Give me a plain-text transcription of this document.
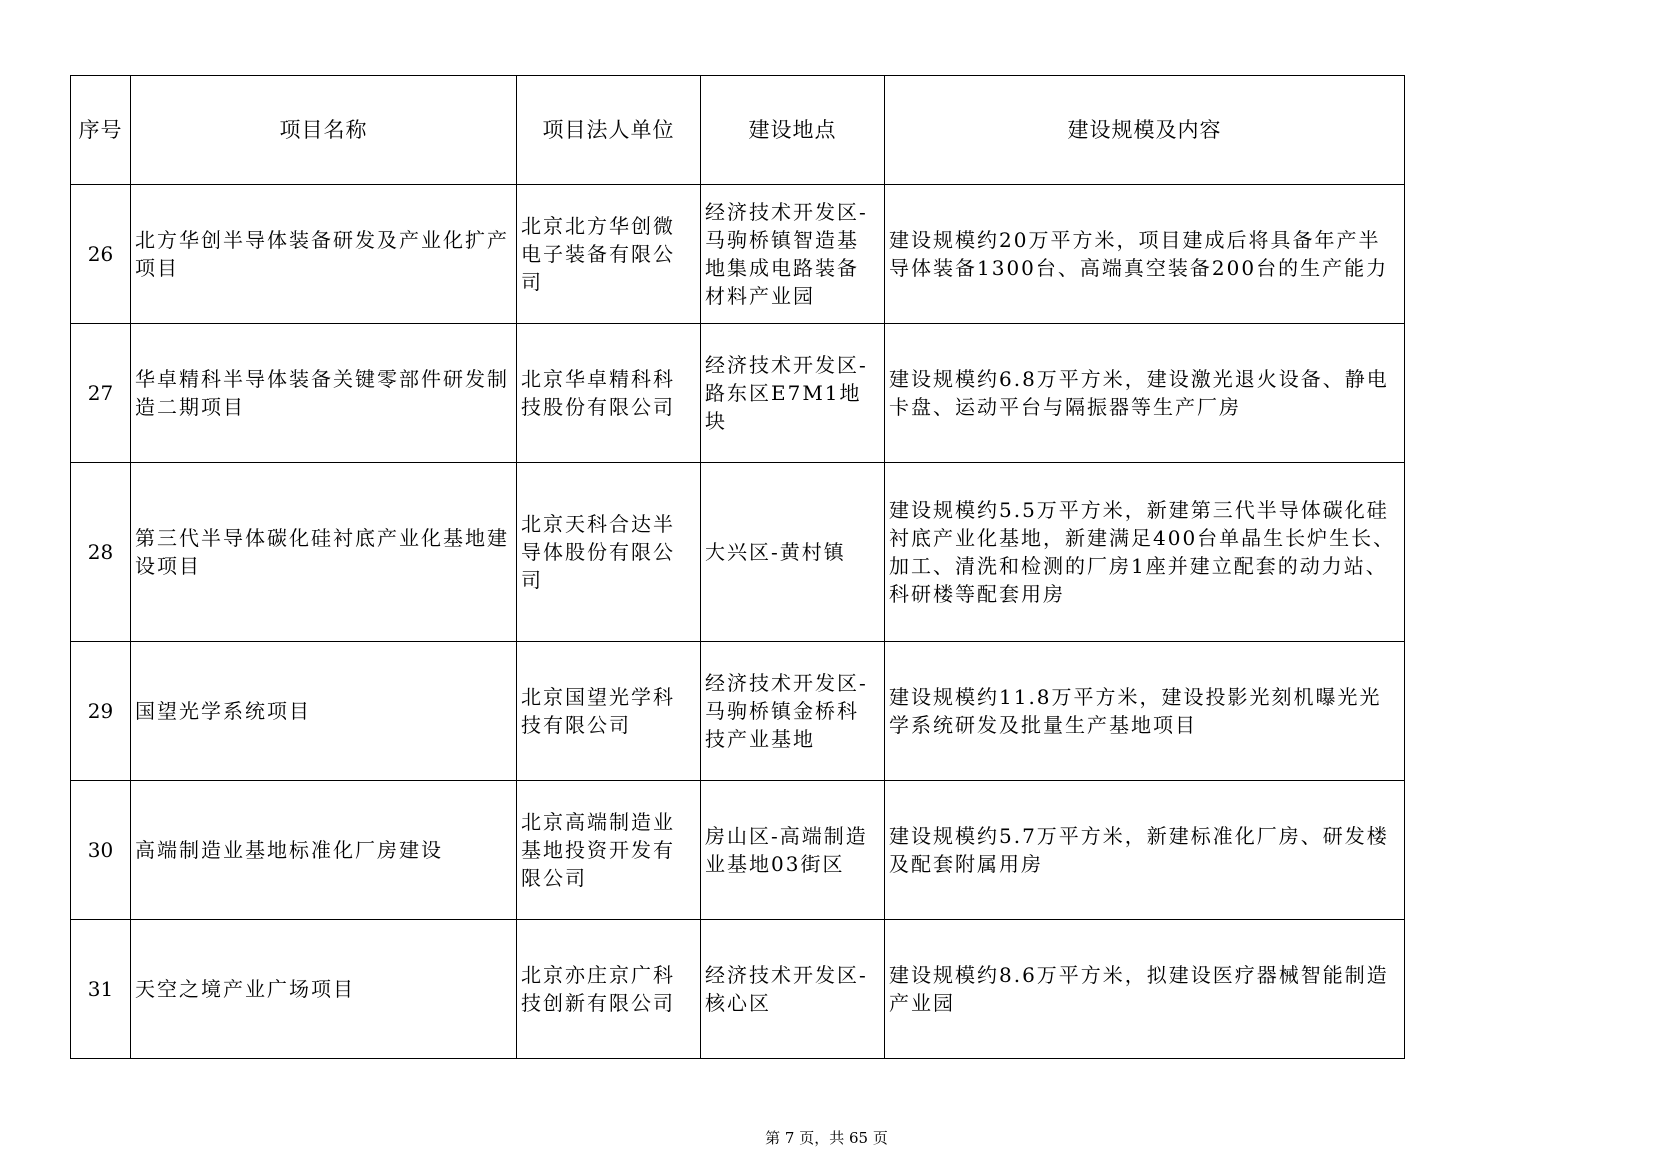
序号	项目名称	项目法人单位	建设地点	建设规模及内容
26	北方华创半导体装备研发及产业化扩产项目	北京北方华创微电子装备有限公司	经济技术开发区-马驹桥镇智造基地集成电路装备材料产业园	建设规模约20万平方米，项目建成后将具备年产半导体装备1300台、高端真空装备200台的生产能力
27	华卓精科半导体装备关键零部件研发制造二期项目	北京华卓精科科技股份有限公司	经济技术开发区-路东区E7M1地块	建设规模约6.8万平方米，建设激光退火设备、静电卡盘、运动平台与隔振器等生产厂房
28	第三代半导体碳化硅衬底产业化基地建设项目	北京天科合达半导体股份有限公司	大兴区-黄村镇	建设规模约5.5万平方米，新建第三代半导体碳化硅衬底产业化基地，新建满足400台单晶生长炉生长、加工、清洗和检测的厂房1座并建立配套的动力站、科研楼等配套用房
29	国望光学系统项目	北京国望光学科技有限公司	经济技术开发区-马驹桥镇金桥科技产业基地	建设规模约11.8万平方米，建设投影光刻机曝光光学系统研发及批量生产基地项目
30	高端制造业基地标准化厂房建设	北京高端制造业基地投资开发有限公司	房山区-高端制造业基地03街区	建设规模约5.7万平方米，新建标准化厂房、研发楼及配套附属用房
31	天空之境产业广场项目	北京亦庄京广科技创新有限公司	经济技术开发区-核心区	建设规模约8.6万平方米，拟建设医疗器械智能制造产业园
第 7 页，共 65 页
